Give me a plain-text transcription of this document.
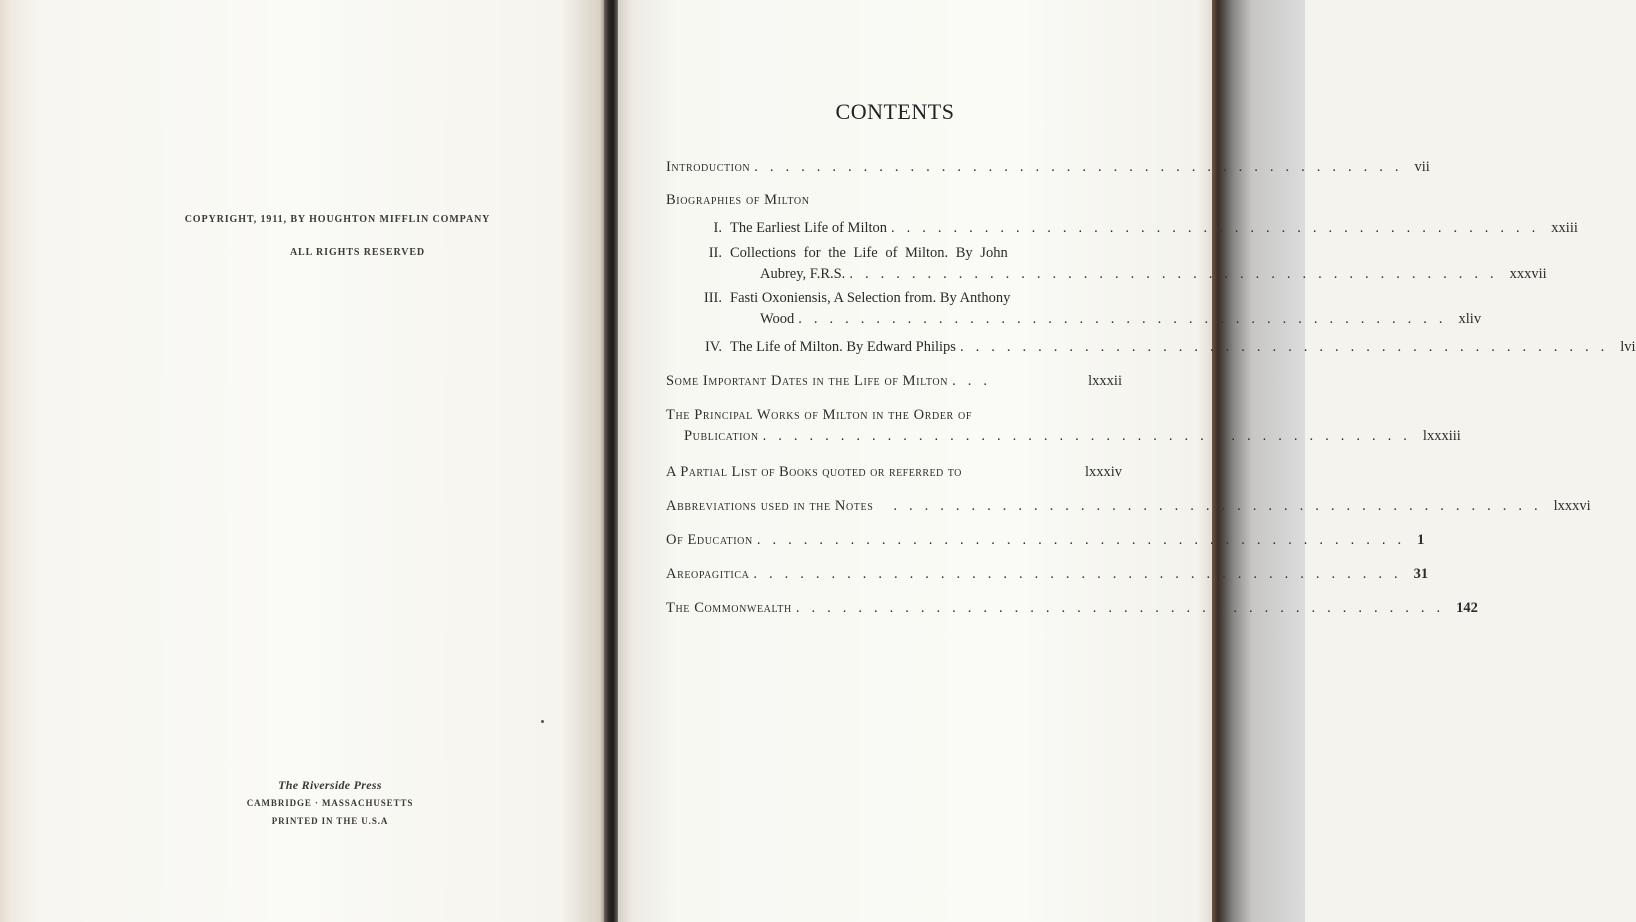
COPYRIGHT, 1911, BY HOUGHTON MIFFLIN COMPANY
ALL RIGHTS RESERVED
The Riverside Press
CAMBRIDGE · MASSACHUSETTS
PRINTED IN THE U.S.A
CONTENTS
Introduction .......................................... vii
Biographies of Milton
I. The Earliest Life of Milton .......................................... xxiii
II. Collections for the Life of Milton. By John
Aubrey, F.R.S. .......................................... xxxvii
III. Fasti Oxoniensis, A Selection from. By Anthony
Wood .......................................... xliv
IV. The Life of Milton. By Edward Philips .......................................... lvi
Some Important Dates in the Life of Milton ...	lxxxii
The Principal Works of Milton in the Order of
Publication .......................................... lxxxiii
A Partial List of Books quoted or referred to	lxxxiv
Abbreviations used in the Notes	.......................................... lxxxvi
Of Education .......................................... 1
Areopagitica .......................................... 31
The Commonwealth .......................................... 142
